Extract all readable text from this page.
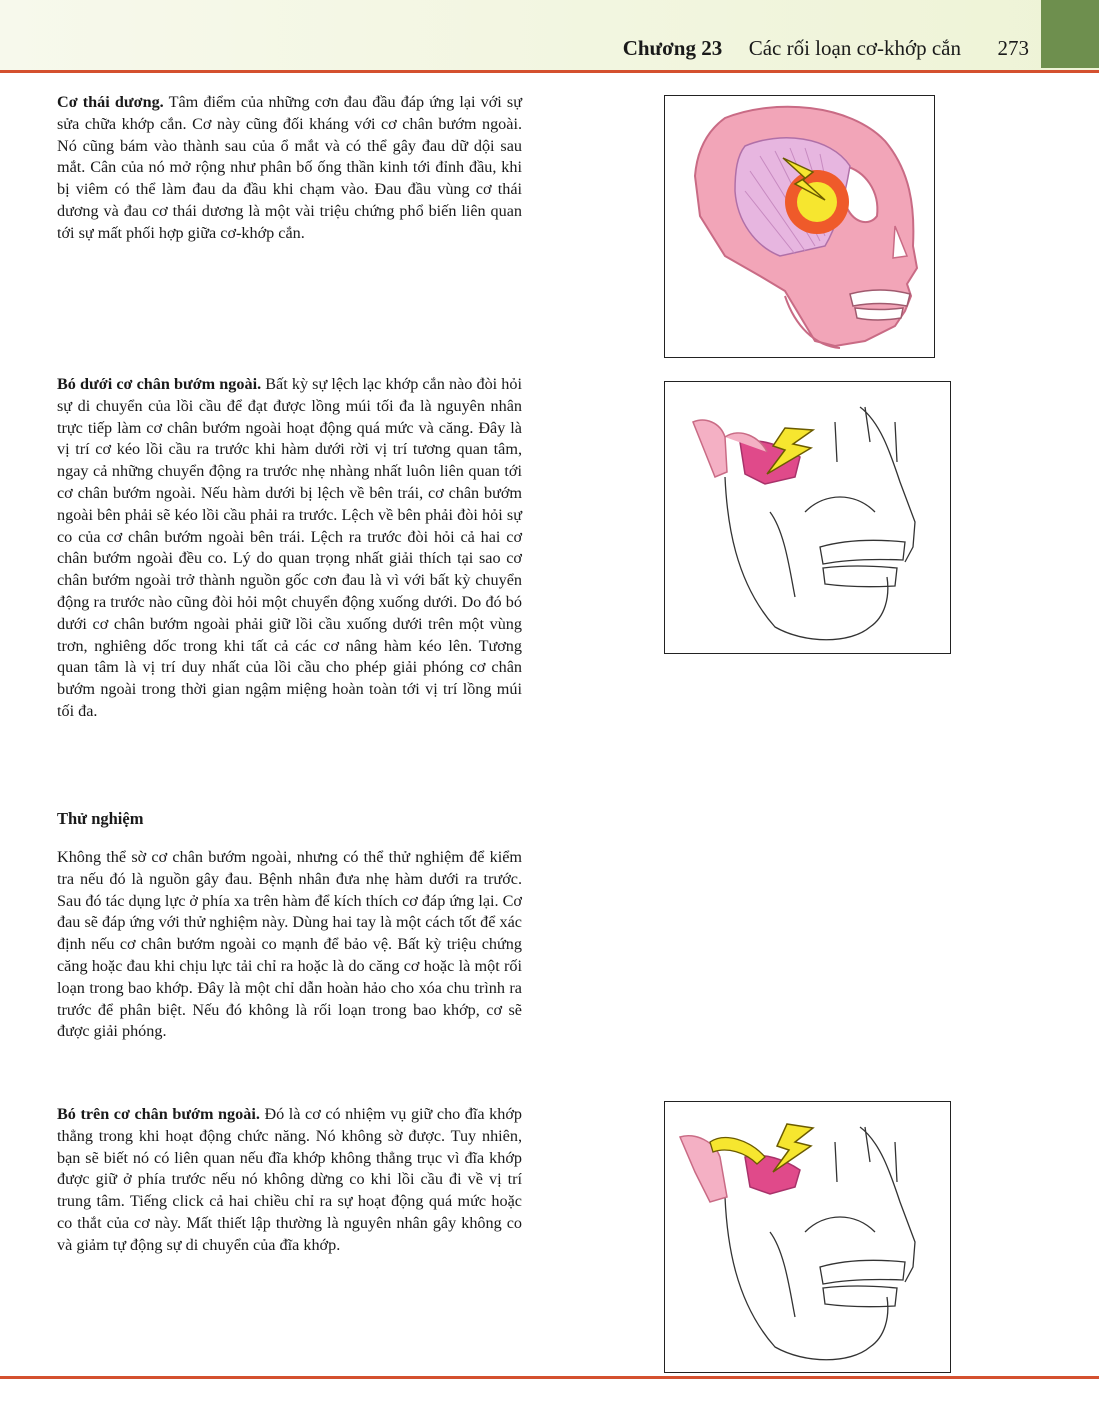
Chương 23 Các rối loạn cơ-khớp cắn 273

Cơ thái dương. Tâm điểm của những cơn đau đầu đáp ứng lại với sự sửa chữa khớp cắn. Cơ này cũng đối kháng với cơ chân bướm ngoài. Nó cũng bám vào thành sau của ổ mắt và có thể gây đau dữ dội sau mắt. Cân của nó mở rộng như phân bố ống thần kinh tới đỉnh đầu, khi bị viêm có thể làm đau da đầu khi chạm vào. Đau đầu vùng cơ thái dương và đau cơ thái dương là một vài triệu chứng phổ biến liên quan tới sự mất phối hợp giữa cơ-khớp cắn.

Bó dưới cơ chân bướm ngoài. Bất kỳ sự lệch lạc khớp cắn nào đòi hỏi sự di chuyển của lồi cầu để đạt được lồng múi tối đa là nguyên nhân trực tiếp làm cơ chân bướm ngoài hoạt động quá mức và căng. Đây là vị trí cơ kéo lồi cầu ra trước khi hàm dưới rời vị trí tương quan tâm, ngay cả những chuyển động ra trước nhẹ nhàng nhất luôn liên quan tới cơ chân bướm ngoài. Nếu hàm dưới bị lệch về bên trái, cơ chân bướm ngoài bên phải sẽ kéo lồi cầu phải ra trước. Lệch về bên phải đòi hỏi sự co của cơ chân bướm ngoài bên trái. Lệch ra trước đòi hỏi cả hai cơ chân bướm ngoài đều co. Lý do quan trọng nhất giải thích tại sao cơ chân bướm ngoài trở thành nguồn gốc cơn đau là vì với bất kỳ chuyển động ra trước nào cũng đòi hỏi một chuyển động xuống dưới. Do đó bó dưới cơ chân bướm ngoài phải giữ lồi cầu xuống dưới trên một vùng trơn, nghiêng dốc trong khi tất cả các cơ nâng hàm kéo lên. Tương quan tâm là vị trí duy nhất của lồi cầu cho phép giải phóng cơ chân bướm ngoài trong thời gian ngậm miệng hoàn toàn tới vị trí lồng múi tối đa.

Thử nghiệm

Không thể sờ cơ chân bướm ngoài, nhưng có thể thử nghiệm để kiểm tra nếu đó là nguồn gây đau. Bệnh nhân đưa nhẹ hàm dưới ra trước. Sau đó tác dụng lực ở phía xa trên hàm để kích thích cơ đáp ứng lại. Cơ đau sẽ đáp ứng với thử nghiệm này. Dùng hai tay là một cách tốt để xác định nếu cơ chân bướm ngoài co mạnh để bảo vệ. Bất kỳ triệu chứng căng hoặc đau khi chịu lực tải chỉ ra hoặc là do căng cơ hoặc là một rối loạn trong bao khớp. Đây là một chỉ dẫn hoàn hảo cho xóa chu trình ra trước để phân biệt. Nếu đó không là rối loạn trong bao khớp, cơ sẽ được giải phóng.

Bó trên cơ chân bướm ngoài. Đó là cơ có nhiệm vụ giữ cho đĩa khớp thẳng trong khi hoạt động chức năng. Nó không sờ được. Tuy nhiên, bạn sẽ biết nó có liên quan nếu đĩa khớp không thẳng trục vì đĩa khớp được giữ ở phía trước nếu nó không dừng co khi lồi cầu đi về vị trí trung tâm. Tiếng click cả hai chiều chỉ ra sự hoạt động quá mức hoặc co thắt của cơ này. Mất thiết lập thường là nguyên nhân gây không co và giảm tự động sự di chuyển của đĩa khớp.
